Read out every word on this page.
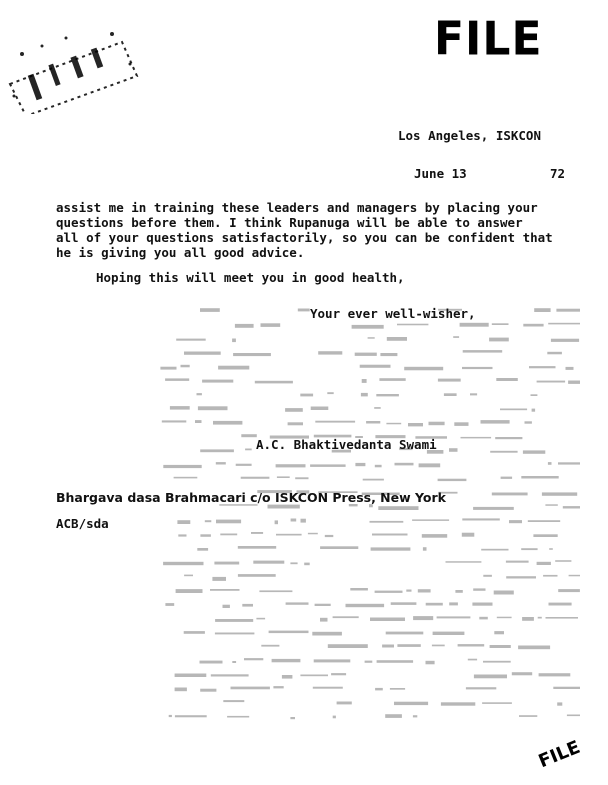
FILE
Los Angeles, ISKCON
June 13	72
assist me in training these leaders and managers by placing your
questions before them. I think Rupanuga will be able to answer
all of your questions satisfactorily, so you can be confident that
he is giving you all good advice.
Hoping this will meet you in good health,
Your ever well-wisher,
A.C. Bhaktivedanta Swami
Bhargava dasa Brahmacari c/o ISKCON Press, New York
ACB/sda
FILE
